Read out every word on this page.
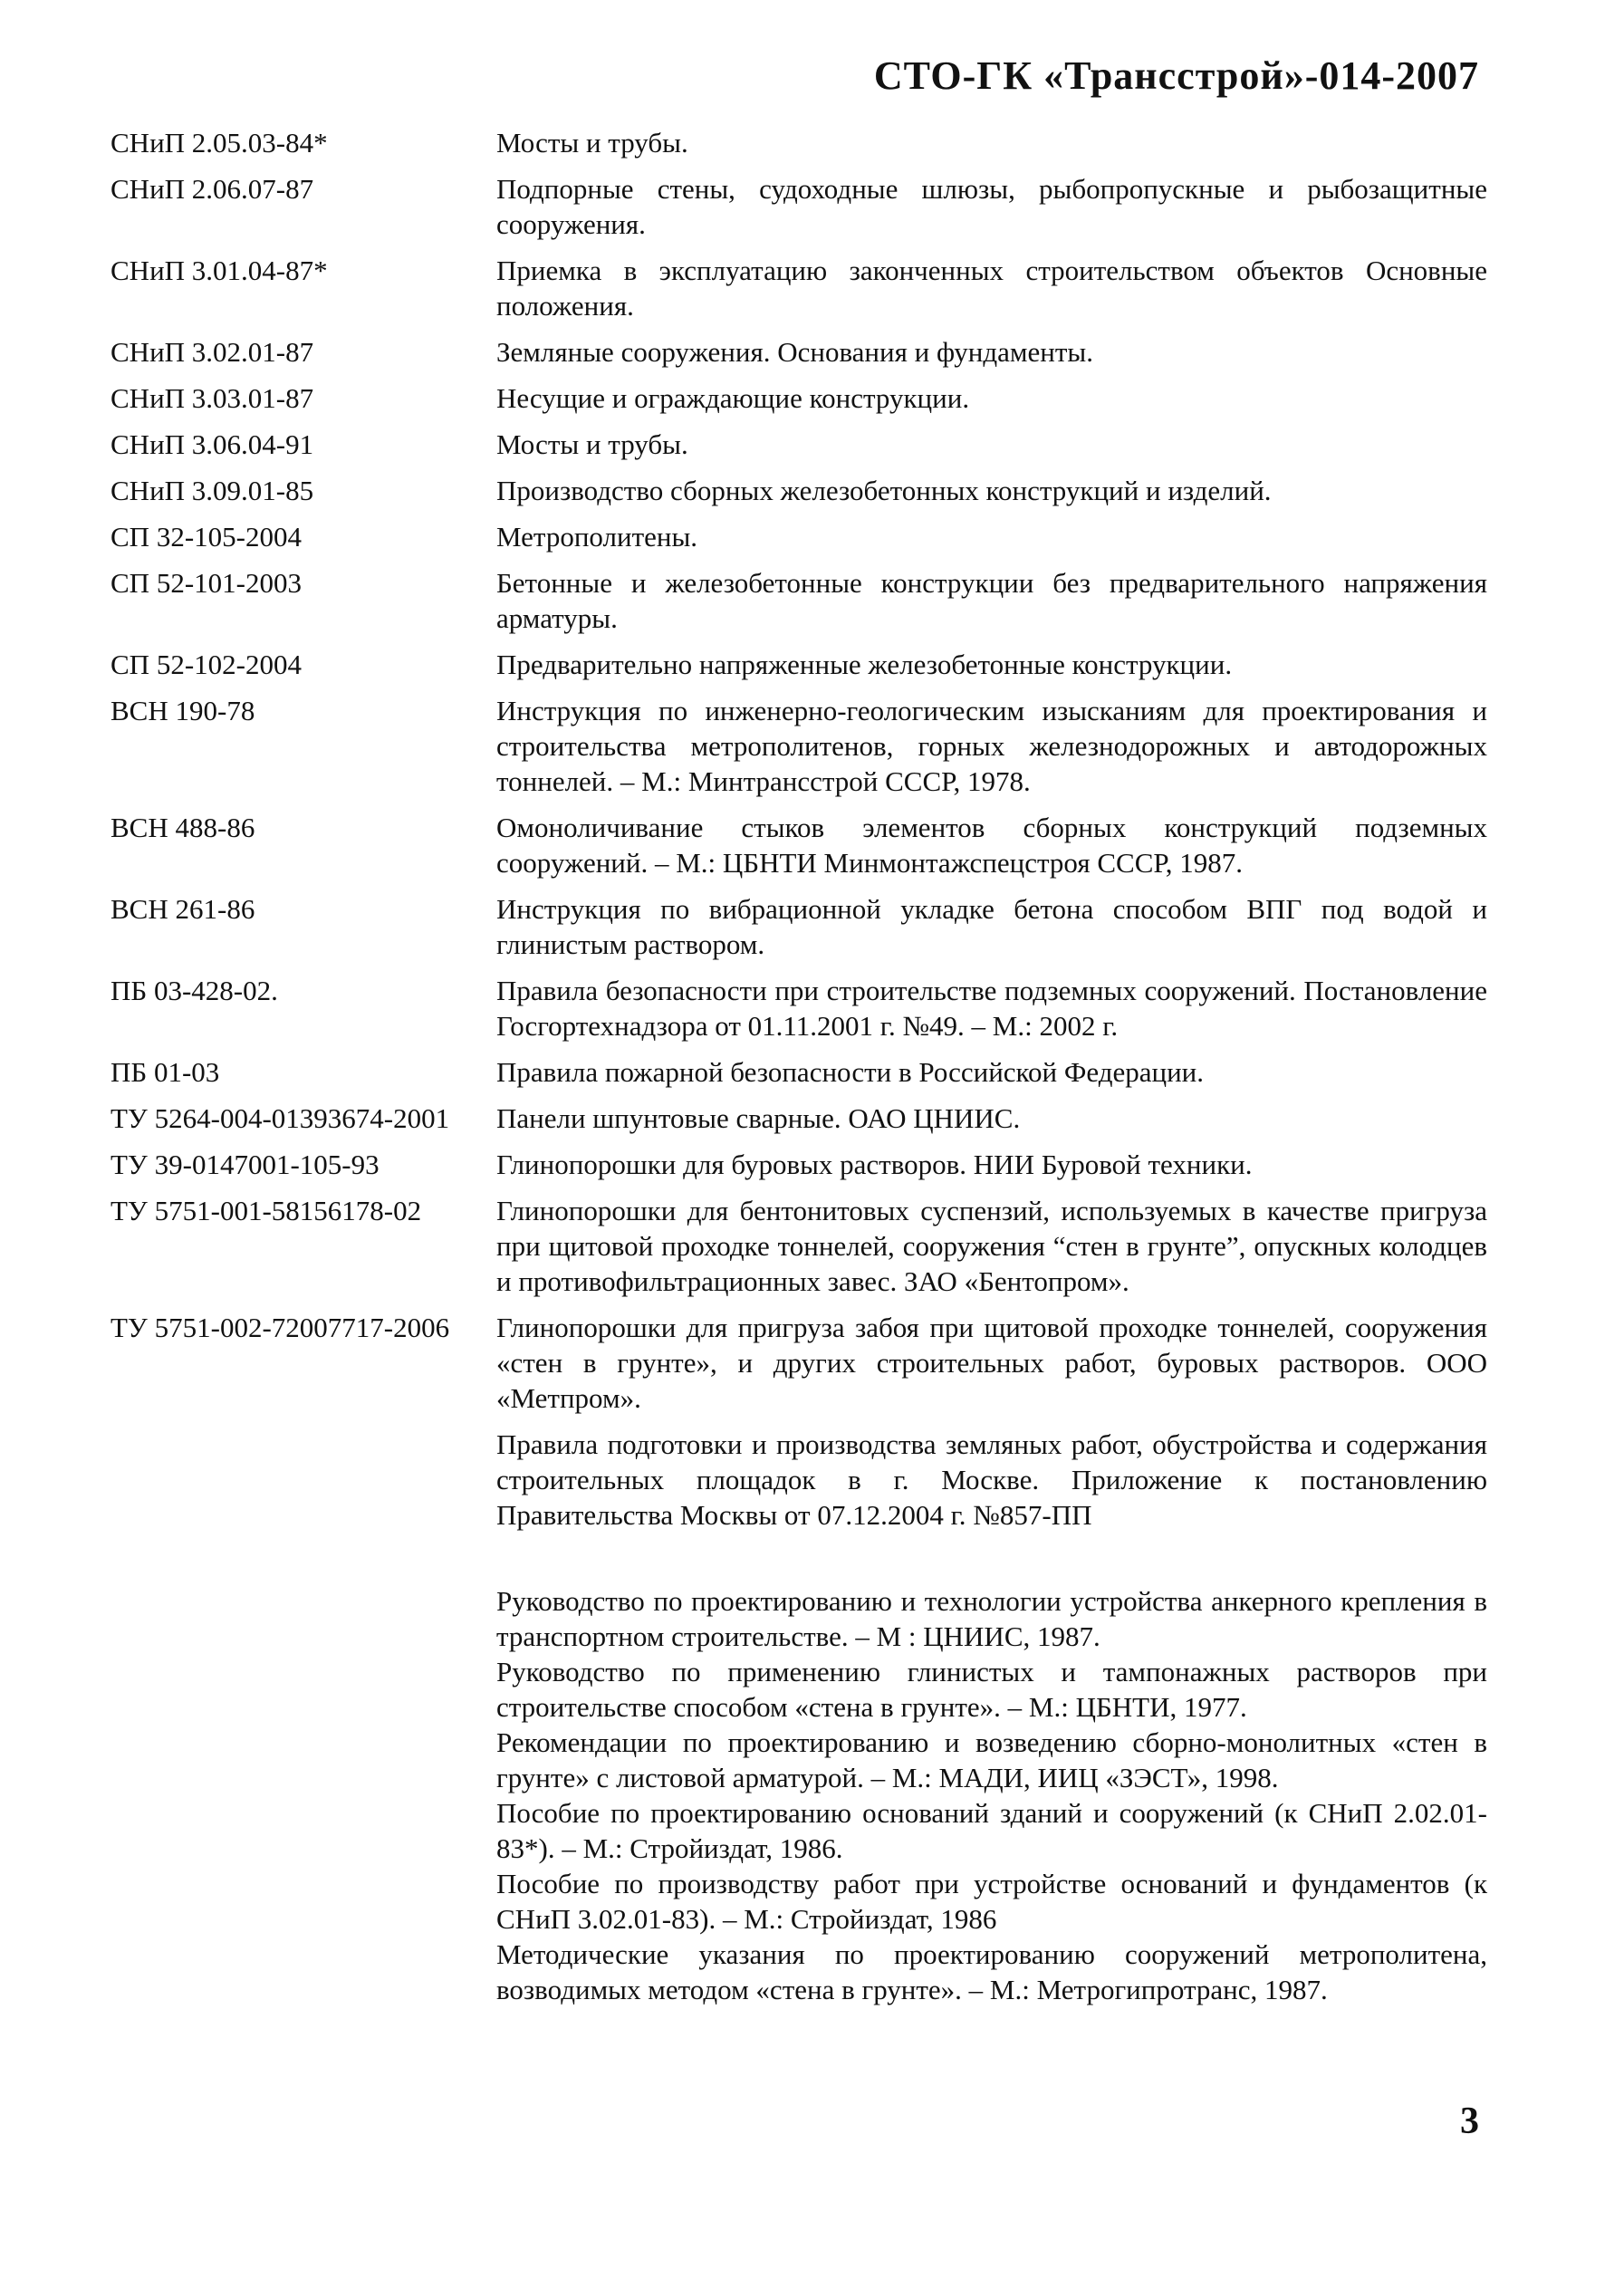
СТО-ГК «Трансстрой»-014-2007
СНиП 2.05.03-84*	Мосты и трубы.
СНиП 2.06.07-87	Подпорные стены, судоходные шлюзы, рыбопропускные и рыбозащитные сооружения.
СНиП 3.01.04-87*	Приемка в эксплуатацию законченных строительством объектов Основные положения.
СНиП 3.02.01-87	Земляные сооружения. Основания и фундаменты.
СНиП 3.03.01-87	Несущие и ограждающие конструкции.
СНиП 3.06.04-91	Мосты и трубы.
СНиП 3.09.01-85	Производство сборных железобетонных конструкций и изделий.
СП 32-105-2004	Метрополитены.
СП 52-101-2003	Бетонные и железобетонные конструкции без предварительного напряжения арматуры.
СП 52-102-2004	Предварительно напряженные железобетонные конструкции.
ВСН 190-78	Инструкция по инженерно-геологическим изысканиям для проектирования и строительства метрополитенов, горных железнодорожных и автодорожных тоннелей. – М.: Минтрансстрой СССР, 1978.
ВСН 488-86	Омоноличивание стыков элементов сборных конструкций подземных сооружений. – М.: ЦБНТИ Минмонтажспецстроя СССР, 1987.
ВСН 261-86	Инструкция по вибрационной укладке бетона способом ВПГ под водой и глинистым раствором.
ПБ 03-428-02.	Правила безопасности при строительстве подземных сооружений. Постановление Госгортехнадзора от 01.11.2001 г. №49. – М.: 2002 г.
ПБ 01-03	Правила пожарной безопасности в Российской Федерации.
ТУ 5264-004-01393674-2001	Панели шпунтовые сварные. ОАО ЦНИИС.
ТУ 39-0147001-105-93	Глинопорошки для буровых растворов. НИИ Буровой техники.
ТУ 5751-001-58156178-02	Глинопорошки для бентонитовых суспензий, используемых в качестве пригруза при щитовой проходке тоннелей, сооружения “стен в грунте”, опускных колодцев и противофильтрационных завес. ЗАО «Бентопром».
ТУ 5751-002-72007717-2006	Глинопорошки для пригруза забоя при щитовой проходке тоннелей, сооружения «стен в грунте», и других строительных работ, буровых растворов. ООО «Метпром».
Правила подготовки и производства земляных работ, обустройства и содержания строительных площадок в г. Москве. Приложение к постановлению Правительства Москвы от 07.12.2004 г. №857-ПП
Руководство по проектированию и технологии устройства анкерного крепления в транспортном строительстве. – М : ЦНИИС, 1987.
Руководство по применению глинистых и тампонажных растворов при строительстве способом «стена в грунте». – М.: ЦБНТИ, 1977.
Рекомендации по проектированию и возведению сборно-монолитных «стен в грунте» с листовой арматурой. – М.: МАДИ, ИИЦ «ЗЭСТ», 1998.
Пособие по проектированию оснований зданий и сооружений (к СНиП 2.02.01-83*). – М.: Стройиздат, 1986.
Пособие по производству работ при устройстве оснований и фундаментов (к СНиП 3.02.01-83). – М.: Стройиздат, 1986
Методические указания по проектированию сооружений метрополитена, возводимых методом «стена в грунте». – М.: Метрогипротранс, 1987.
3
